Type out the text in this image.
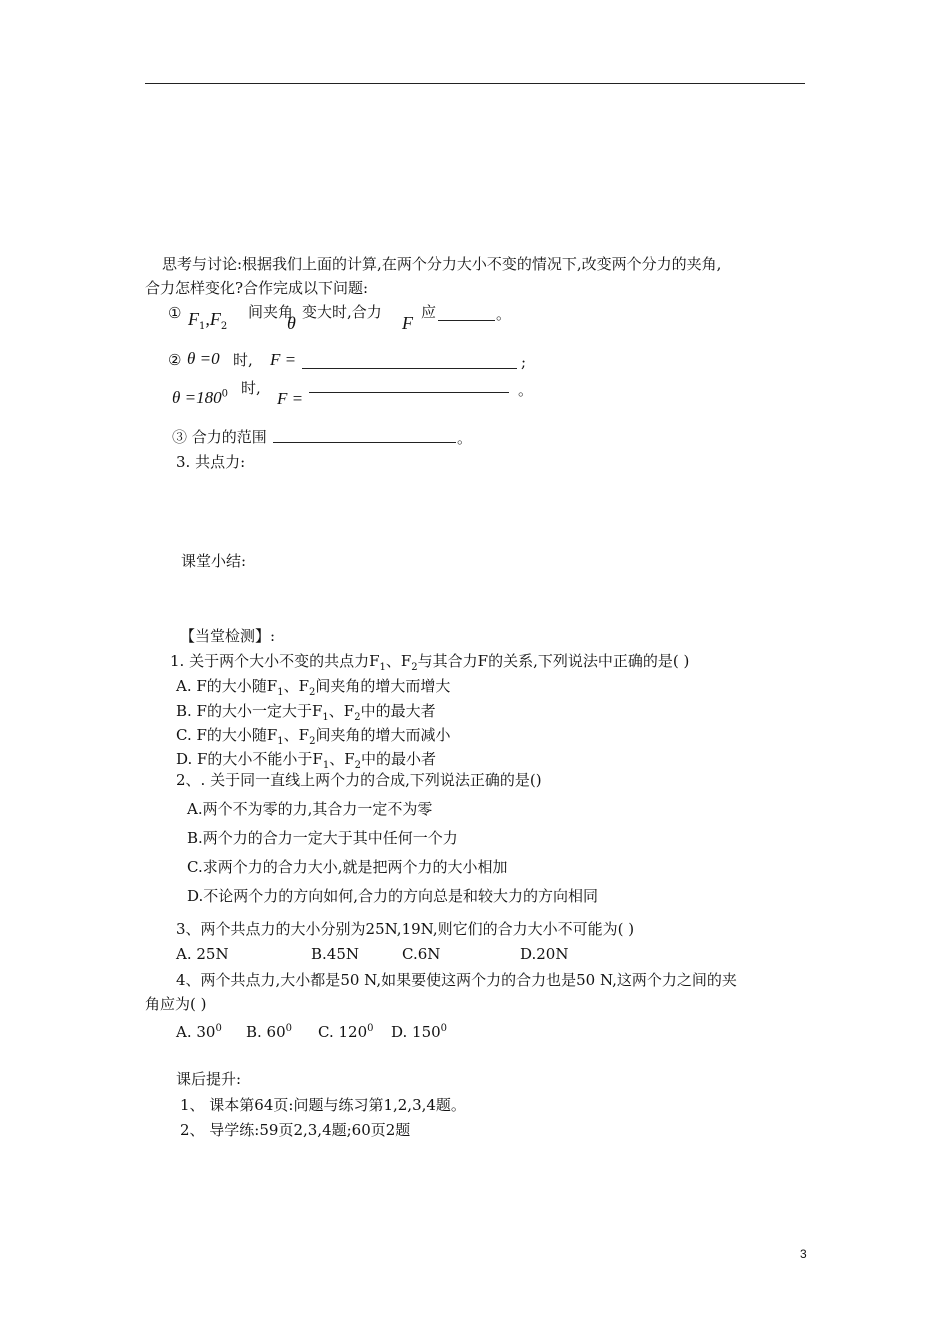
思考与讨论:根据我们上面的计算,在两个分力大小不变的情况下,改变两个分力的夹角,
合力怎样变化?合作完成以下问题:
① $F_1,F_2$
间夹角
θ
变大时,合力
F
应	。
② θ =0 时, F =	;
$\theta =180^0$ 时,
F =	。
③ 合力的范围	。
3. 共点力:
课堂小结:
【当堂检测】:
1. 关于两个大小不变的共点力$F_1$、$F_2$与其合力F的关系,下列说法中正确的是( )
A. F的大小随$F_1$、$F_2$间夹角的增大而增大
B. F的大小一定大于$F_1$、$F_2$中的最大者
C. F的大小随$F_1$、$F_2$间夹角的增大而减小
D. F的大小不能小于$F_1$、$F_2$中的最小者
2、. 关于同一直线上两个力的合成,下列说法正确的是()
A.两个不为零的力,其合力一定不为零
B.两个力的合力一定大于其中任何一个力
C.求两个力的合力大小,就是把两个力的大小相加
D.不论两个力的方向如何,合力的方向总是和较大力的方向相同
3、两个共点力的大小分别为25N,19N,则它们的合力大小不可能为( )
A. 25N	B.45N	C.6N	D.20N
4、两个共点力,大小都是50 N,如果要使这两个力的合力也是50 N,这两个力之间的夹
角应为( )
A. $30^0$ B. $60^0$ C. $120^0$ D. $150^0$
课后提升:
1、 课本第64页:问题与练习第1,2,3,4题。
2、 导学练:59页2,3,4题;60页2题
3
